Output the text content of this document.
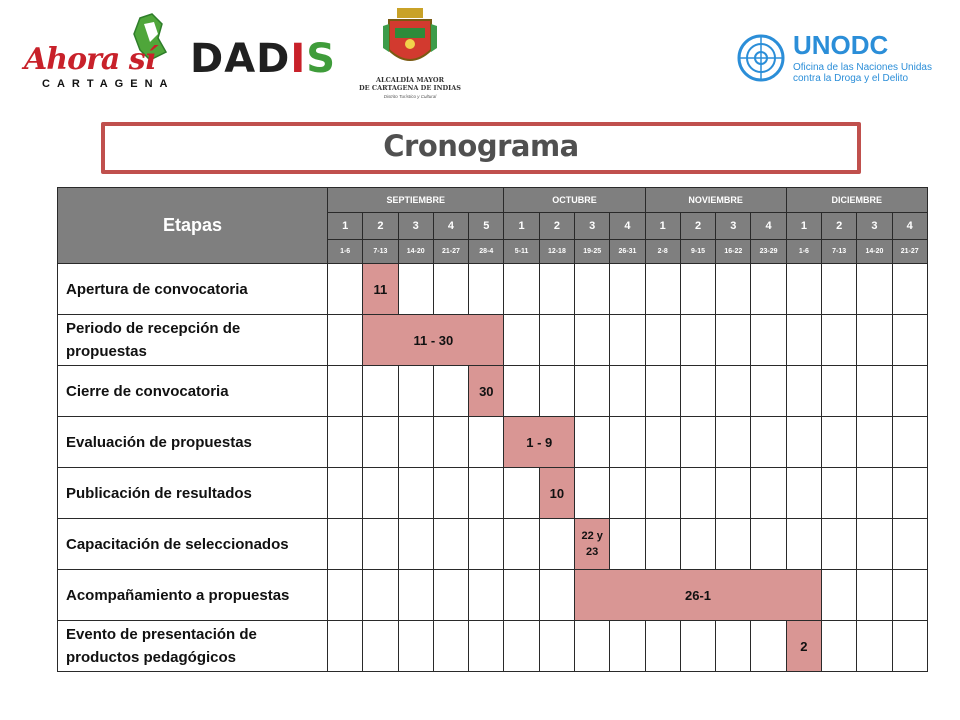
Ahora sí
CARTAGENA
DADIS	ALCALDÍA MAYOR
DE CARTAGENA DE INDIAS
Distrito Turístico y Cultural
UNODC
Oficina de las Naciones Unidas
contra la Droga y el Delito
Cronograma
Etapas	SEPTIEMBRE					OCTUBRE				NOVIEMBRE				DICIEMBRE			
	1	2	3	4	5	1	2	3	4	1	2	3	4	1	2	3	4
	1-6	7-13	14-20	21-27	28-4	5-11	12-18	19-25	26-31	2-8	9-15	16-22	23-29	1-6	7-13	14-20	21-27
Apertura de convocatoria		11															
Periodo de recepción de propuestas		11 - 30															
Cierre de convocatoria					30												
Evaluación de propuestas						1 - 9											
Publicación de resultados							10										
Capacitación de seleccionados								22 y 23									
Acompañamiento a propuestas								26-1									
Evento de presentación de productos pedagógicos														2			
